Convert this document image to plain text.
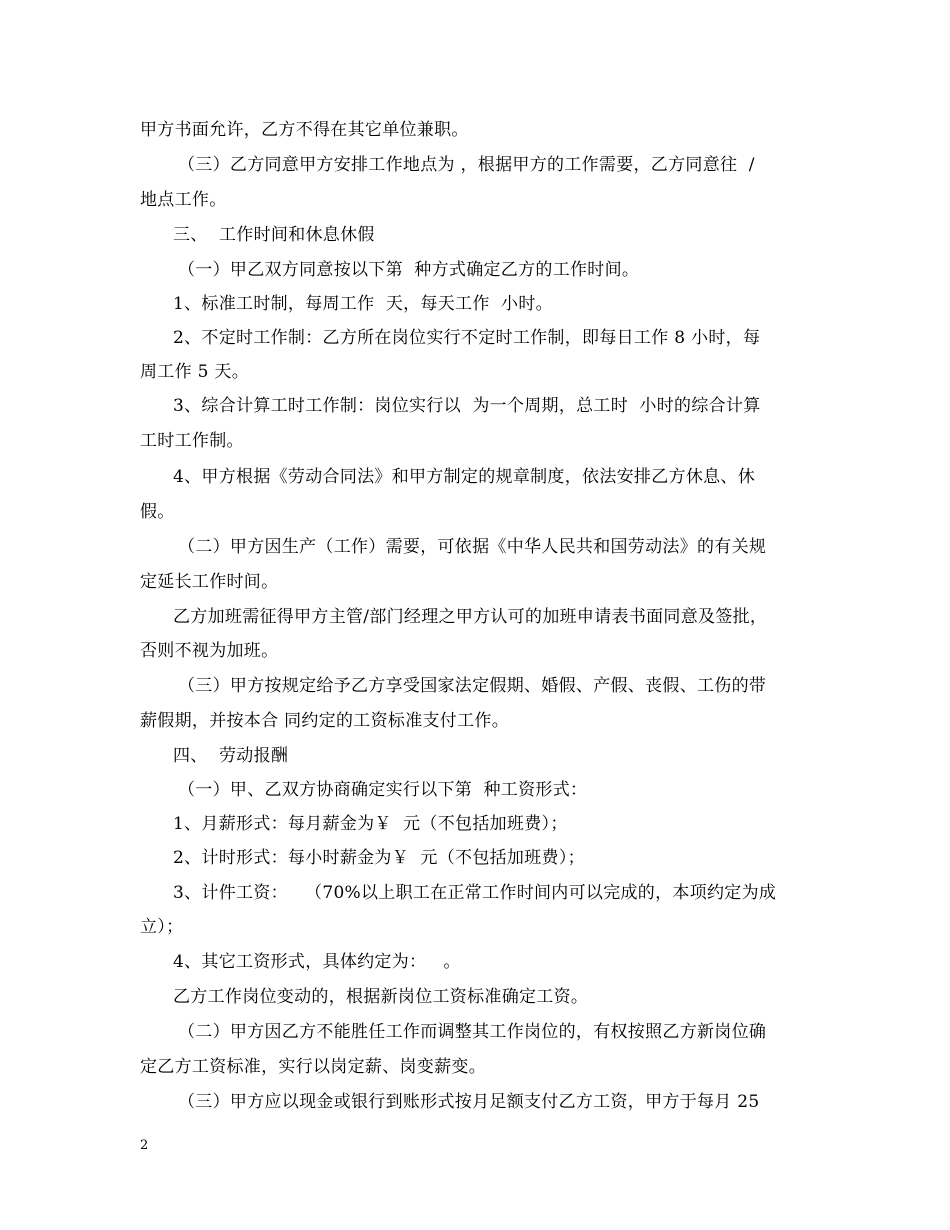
甲方书面允许，乙方不得在其它单位兼职。
（三）乙方同意甲方安排工作地点为 ，根据甲方的工作需要，乙方同意往  /
地点工作。
三、  工作时间和休息休假
（一）甲乙双方同意按以下第  种方式确定乙方的工作时间。
1、标准工时制，每周工作  天，每天工作  小时。
2、不定时工作制：乙方所在岗位实行不定时工作制，即每日工作 8 小时，每
周工作 5 天。
3、综合计算工时工作制：岗位实行以  为一个周期，总工时  小时的综合计算
工时工作制。
4、甲方根据《劳动合同法》和甲方制定的规章制度，依法安排乙方休息、休
假。
（二）甲方因生产（工作）需要，可依据《中华人民共和国劳动法》的有关规
定延长工作时间。
乙方加班需征得甲方主管/部门经理之甲方认可的加班申请表书面同意及签批，
否则不视为加班。
（三）甲方按规定给予乙方享受国家法定假期、婚假、产假、丧假、工伤的带
薪假期，并按本合 同约定的工资标准支付工作。
四、  劳动报酬
（一）甲、乙双方协商确定实行以下第  种工资形式：
1、月薪形式：每月薪金为￥  元（不包括加班费）；
2、计时形式：每小时薪金为￥  元（不包括加班费）；
3、计件工资：   （70%以上职工在正常工作时间内可以完成的，本项约定为成
立）；
4、其它工资形式，具体约定为：   。
乙方工作岗位变动的，根据新岗位工资标准确定工资。
（二）甲方因乙方不能胜任工作而调整其工作岗位的，有权按照乙方新岗位确
定乙方工资标准，实行以岗定薪、岗变薪变。
（三）甲方应以现金或银行到账形式按月足额支付乙方工资，甲方于每月 25
2
